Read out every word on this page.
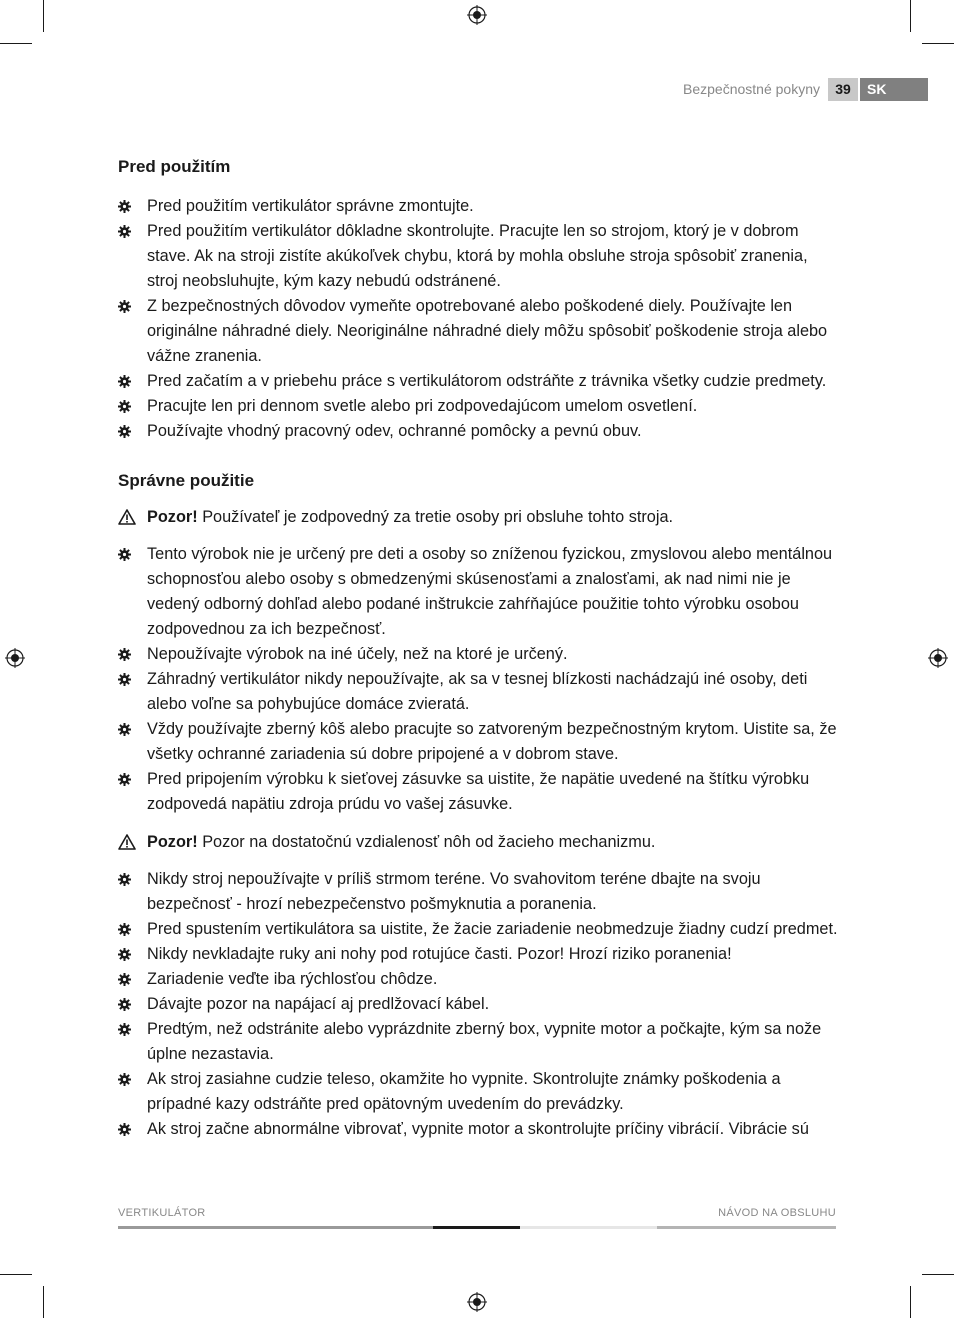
Bezpečnostné pokyny	39	SK
Pred použitím
Pred použitím vertikulátor správne zmontujte.
Pred použitím vertikulátor dôkladne skontrolujte. Pracujte len so strojom, ktorý je v dobrom stave. Ak na stroji zistíte akúkoľvek chybu, ktorá by mohla obsluhe stroja spôsobiť zranenia, stroj neobsluhujte, kým kazy nebudú odstránené.
Z bezpečnostných dôvodov vymeňte opotrebované alebo poškodené diely. Používajte len originálne náhradné diely. Neoriginálne náhradné diely môžu spôsobiť poškodenie stroja alebo vážne zranenia.
Pred začatím a v priebehu práce s vertikulátorom odstráňte z trávnika všetky cudzie predmety.
Pracujte len pri dennom svetle alebo pri zodpovedajúcom umelom osvetlení.
Používajte vhodný pracovný odev, ochranné pomôcky a pevnú obuv.
Správne použitie
Pozor! Používateľ je zodpovedný za tretie osoby pri obsluhe tohto stroja.
Tento výrobok nie je určený pre deti a osoby so zníženou fyzickou, zmyslovou alebo mentálnou schopnosťou alebo osoby s obmedzenými skúsenosťami a znalosťami, ak nad nimi nie je vedený odborný dohľad alebo podané inštrukcie zahŕňajúce použitie tohto výrobku osobou zodpovednou za ich bezpečnosť.
Nepoužívajte výrobok na iné účely, než na ktoré je určený.
Záhradný vertikulátor nikdy nepoužívajte, ak sa v tesnej blízkosti nachádzajú iné osoby, deti alebo voľne sa pohybujúce domáce zvieratá.
Vždy používajte zberný kôš alebo pracujte so zatvoreným bezpečnostným krytom. Uistite sa, že všetky ochranné zariadenia sú dobre pripojené a v dobrom stave.
Pred pripojením výrobku k sieťovej zásuvke sa uistite, že napätie uvedené na štítku výrobku zodpovedá napätiu zdroja prúdu vo vašej zásuvke.
Pozor! Pozor na dostatočnú vzdialenosť nôh od žacieho mechanizmu.
Nikdy stroj nepoužívajte v príliš strmom teréne. Vo svahovitom teréne dbajte na svoju bezpečnosť - hrozí nebezpečenstvo pošmyknutia a poranenia.
Pred spustením vertikulátora sa uistite, že žacie zariadenie neobmedzuje žiadny cudzí predmet.
Nikdy nevkladajte ruky ani nohy pod rotujúce časti. Pozor! Hrozí riziko poranenia!
Zariadenie veďte iba rýchlosťou chôdze.
Dávajte pozor na napájací aj predlžovací kábel.
Predtým, než odstránite alebo vyprázdnite zberný box, vypnite motor a počkajte, kým sa nože úplne nezastavia.
Ak stroj zasiahne cudzie teleso, okamžite ho vypnite. Skontrolujte známky poškodenia a prípadné kazy odstráňte pred opätovným uvedením do prevádzky.
Ak stroj začne abnormálne vibrovať, vypnite motor a skontrolujte príčiny vibrácií. Vibrácie sú
VERTIKULÁTOR	NÁVOD NA OBSLUHU
